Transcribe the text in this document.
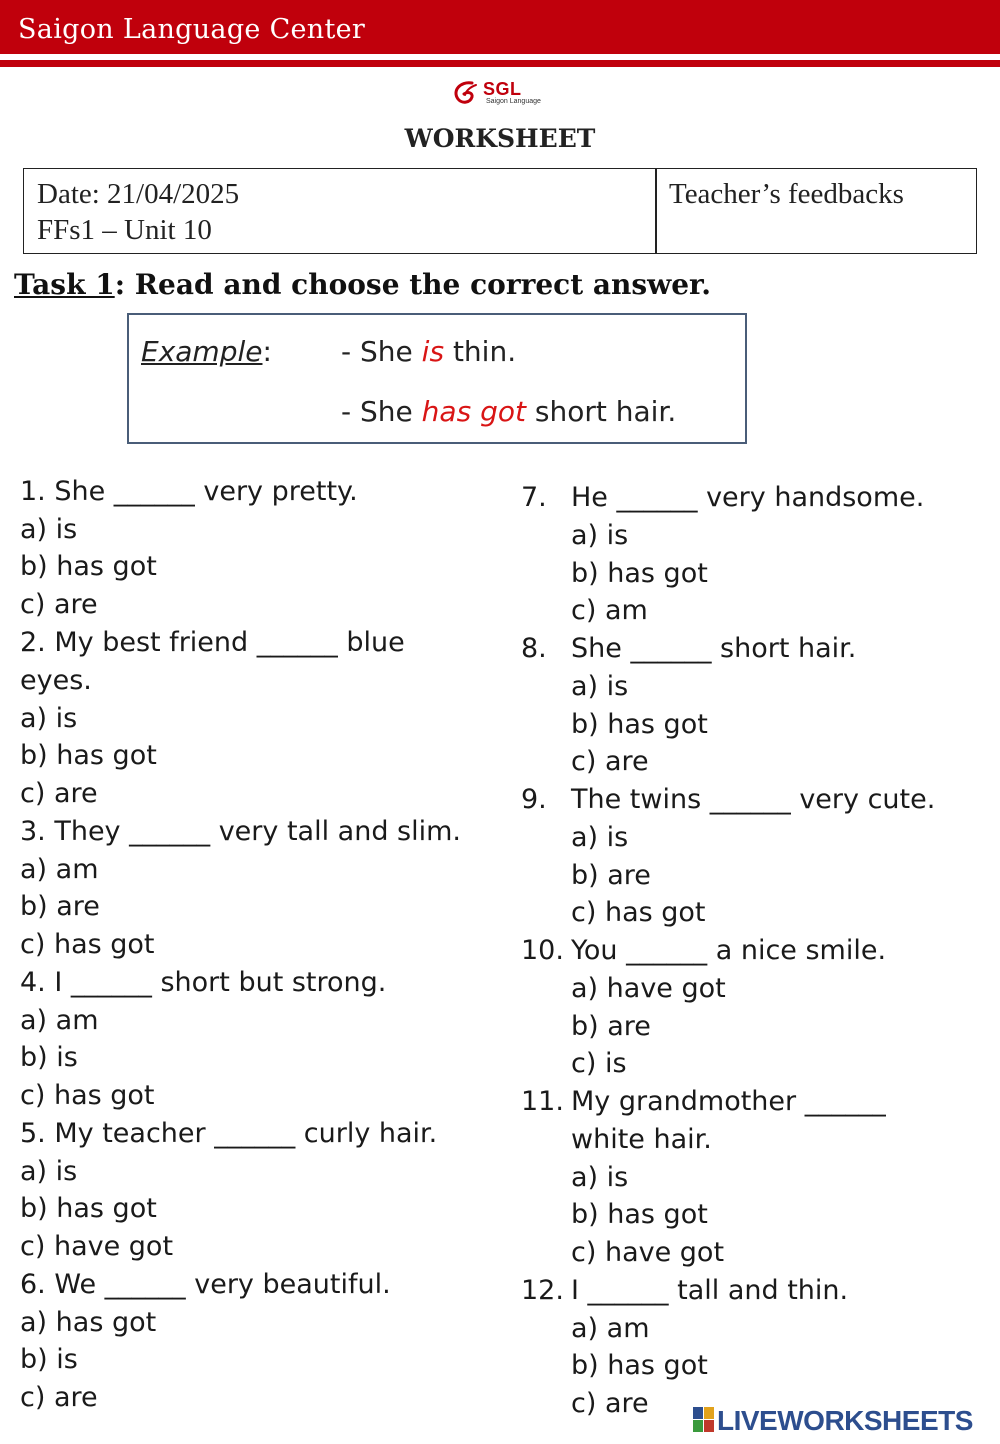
Saigon Language Center
SGL
Saigon Language
WORKSHEET
Date: 21/04/2025
FFs1 – Unit 10
Teacher’s feedbacks
Task 1: Read and choose the correct answer.
Example: - She is thin.
- She has got short hair.
1. She ______ very pretty.
a) is
b) has got
c) are
2. My best friend ______ blue
eyes.
a) is
b) has got
c) are
3. They ______ very tall and slim.
a) am
b) are
c) has got
4. I ______ short but strong.
a) am
b) is
c) has got
5. My teacher ______ curly hair.
a) is
b) has got
c) have got
6. We ______ very beautiful.
a) has got
b) is
c) are
7. He ______ very handsome.
a) is
b) has got
c) am
8. She ______ short hair.
a) is
b) has got
c) are
9. The twins ______ very cute.
a) is
b) are
c) has got
10. You ______ a nice smile.
a) have got
b) are
c) is
11. My grandmother ______
white hair.
a) is
b) has got
c) have got
12. I ______ tall and thin.
a) am
b) has got
c) are
LIVEWORKSHEETS
